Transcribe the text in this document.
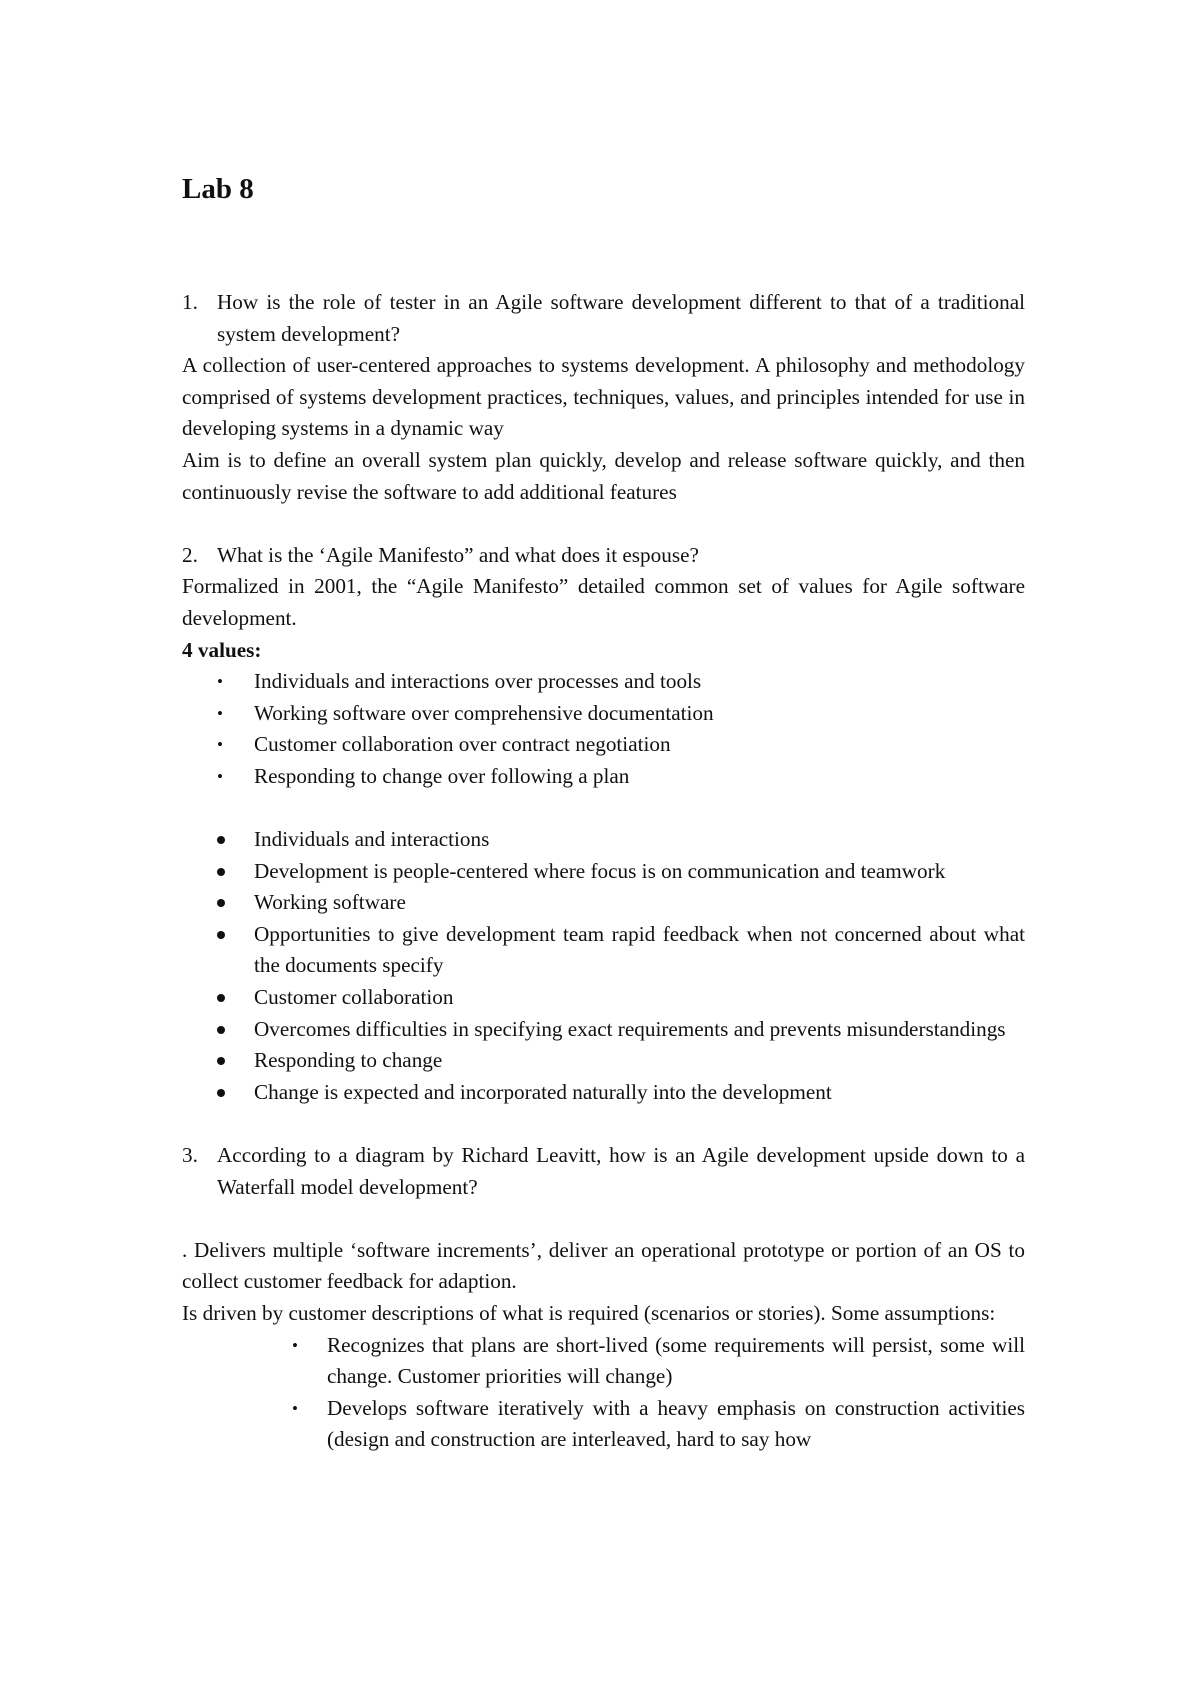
Lab 8
1. How is the role of tester in an Agile software development different to that of a traditional system development?

A collection of user-centered approaches to systems development. A philosophy and methodology comprised of systems development practices, techniques, values, and principles intended for use in developing systems in a dynamic way

Aim is to define an overall system plan quickly, develop and release software quickly, and then continuously revise the software to add additional features

2. What is the ‘Agile Manifesto” and what does it espouse?

Formalized in 2001, the “Agile Manifesto” detailed common set of values for Agile software development.

4 values:

• Individuals and interactions over processes and tools
• Working software over comprehensive documentation
• Customer collaboration over contract negotiation
• Responding to change over following a plan
Individuals and interactions
Development is people-centered where focus is on communication and teamwork
Working software
Opportunities to give development team rapid feedback when not concerned about what the documents specify
Customer collaboration
Overcomes difficulties in specifying exact requirements and prevents misunderstandings
Responding to change
Change is expected and incorporated naturally into the development
3. According to a diagram by Richard Leavitt, how is an Agile development upside down to a Waterfall model development?

. Delivers multiple ‘software increments’, deliver an operational prototype or portion of an OS to collect customer feedback for adaption.

Is driven by customer descriptions of what is required (scenarios or stories). Some assumptions:

• Recognizes that plans are short-lived (some requirements will persist, some will change. Customer priorities will change)
• Develops software iteratively with a heavy emphasis on construction activities (design and construction are interleaved, hard to say how
